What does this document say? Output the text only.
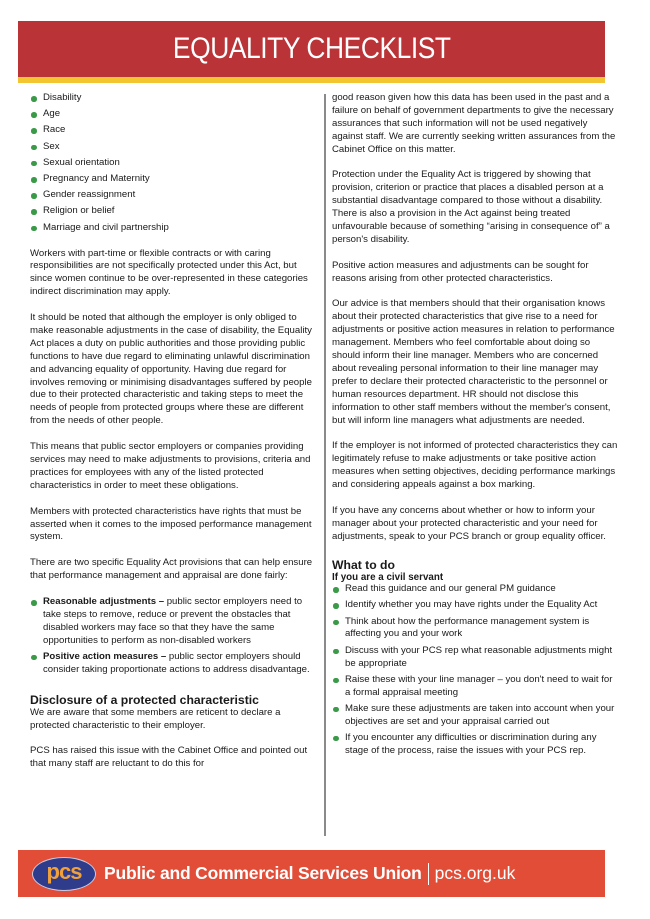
EQUALITY CHECKLIST
Disability
Age
Race
Sex
Sexual orientation
Pregnancy and Maternity
Gender reassignment
Religion or belief
Marriage and civil partnership

Workers with part-time or flexible contracts or with caring responsibilities are not specifically protected under this Act, but since women continue to be over-represented in these categories indirect discrimination may apply.

It should be noted that although the employer is only obliged to make reasonable adjustments in the case of disability, the Equality Act places a duty on public authorities and those providing public functions to have due regard to eliminating unlawful discrimination and advancing equality of opportunity. Having due regard for involves removing or minimising disadvantages suffered by people due to their protected characteristic and taking steps to meet the needs of people from protected groups where these are different from the needs of other people.

This means that public sector employers or companies providing services may need to make adjustments to provisions, criteria and practices for employees with any of the listed protected characteristics in order to meet these obligations.

Members with protected characteristics have rights that must be asserted when it comes to the imposed performance management system.

There are two specific Equality Act provisions that can help ensure that performance management and appraisal are done fairly:

Reasonable adjustments – public sector employers need to take steps to remove, reduce or prevent the obstacles that disabled workers may face so that they have the same opportunities to perform as non-disabled workers
Positive action measures – public sector employers should consider taking proportionate actions to address disadvantage.
Disclosure of a protected characteristic

We are aware that some members are reticent to declare a protected characteristic to their employer.

PCS has raised this issue with the Cabinet Office and pointed out that many staff are reluctant to do this for

good reason given how this data has been used in the past and a failure on behalf of government departments to give the necessary assurances that such information will not be used negatively against staff. We are currently seeking written assurances from the Cabinet Office on this matter.

Protection under the Equality Act is triggered by showing that provision, criterion or practice that places a disabled person at a substantial disadvantage compared to those without a disability. There is also a provision in the Act against being treated unfavourable because of something “arising in consequence of” a person's disability.

Positive action measures and adjustments can be sought for reasons arising from other protected characteristics.

Our advice is that members should that their organisation knows about their protected characteristics that give rise to a need for adjustments or positive action measures in relation to performance management. Members who feel comfortable about doing so should inform their line manager. Members who are concerned about revealing personal information to their line manager may prefer to declare their protected characteristic to the personnel or human resources department. HR should not disclose this information to other staff members without the member's consent, but will inform line managers what adjustments are needed.

If the employer is not informed of protected characteristics they can legitimately refuse to make adjustments or take positive action measures when setting objectives, deciding performance markings and considering appeals against a box marking.

If you have any concerns about whether or how to inform your manager about your protected characteristic and your need for adjustments, speak to your PCS branch or group equality officer.

What to do
If you are a civil servant
Read this guidance and our general PM guidance
Identify whether you may have rights under the Equality Act
Think about how the performance management system is affecting you and your work
Discuss with your PCS rep what reasonable adjustments might be appropriate
Raise these with your line manager – you don't need to wait for a formal appraisal meeting
Make sure these adjustments are taken into account when your objectives are set and your appraisal carried out
If you encounter any difficulties or discrimination during any stage of the process, raise the issues with your PCS rep.
pcs Public and Commercial Services Union pcs.org.uk
